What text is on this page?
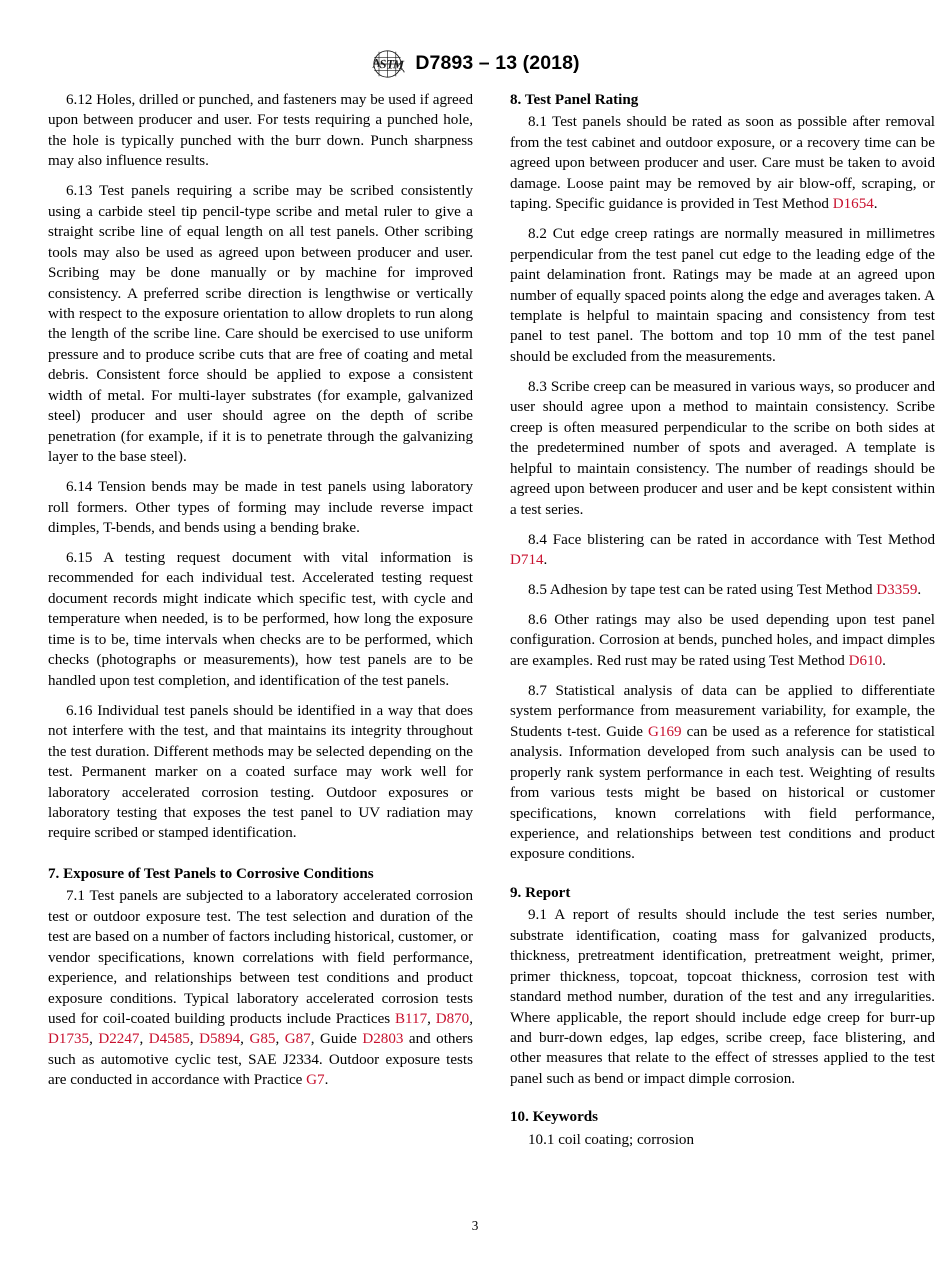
A
S T
M D7893 – 13 (2018)

6.12 Holes, drilled or punched, and fasteners may be used if agreed upon between producer and user. For tests requiring a punched hole, the hole is typically punched with the burr down. Punch sharpness may also influence results.

6.13 Test panels requiring a scribe may be scribed consistently using a carbide steel tip pencil-type scribe and metal ruler to give a straight scribe line of equal length on all test panels. Other scribing tools may also be used as agreed upon between producer and user. Scribing may be done manually or by machine for improved consistency. A preferred scribe direction is lengthwise or vertically with respect to the exposure orientation to allow droplets to run along the length of the scribe line. Care should be exercised to use uniform pressure and to produce scribe cuts that are free of coating and metal debris. Consistent force should be applied to expose a consistent width of metal. For multi-layer substrates (for example, galvanized steel) producer and user should agree on the depth of scribe penetration (for example, if it is to penetrate through the galvanizing layer to the base steel).

6.14 Tension bends may be made in test panels using laboratory roll formers. Other types of forming may include reverse impact dimples, T-bends, and bends using a bending brake.

6.15 A testing request document with vital information is recommended for each individual test. Accelerated testing request document records might indicate which specific test, with cycle and temperature when needed, is to be performed, how long the exposure time is to be, time intervals when checks are to be performed, which checks (photographs or measurements), how test panels are to be handled upon test completion, and identification of the test panels.

6.16 Individual test panels should be identified in a way that does not interfere with the test, and that maintains its integrity throughout the test duration. Different methods may be selected depending on the test. Permanent marker on a coated surface may work well for laboratory accelerated corrosion testing. Outdoor exposures or laboratory testing that exposes the test panel to UV radiation may require scribed or stamped identification.

7. Exposure of Test Panels to Corrosive Conditions

7.1 Test panels are subjected to a laboratory accelerated corrosion test or outdoor exposure test. The test selection and duration of the test are based on a number of factors including historical, customer, or vendor specifications, known correlations with field performance, experience, and relationships between test conditions and product exposure conditions. Typical laboratory accelerated corrosion tests used for coil-coated building products include Practices B117, D870, D1735, D2247, D4585, D5894, G85, G87, Guide D2803 and others such as automotive cyclic test, SAE J2334. Outdoor exposure tests are conducted in accordance with Practice G7.

8. Test Panel Rating

8.1 Test panels should be rated as soon as possible after removal from the test cabinet and outdoor exposure, or a recovery time can be agreed upon between producer and user. Care must be taken to avoid damage. Loose paint may be removed by air blow-off, scraping, or taping. Specific guidance is provided in Test Method D1654.

8.2 Cut edge creep ratings are normally measured in millimetres perpendicular from the test panel cut edge to the leading edge of the paint delamination front. Ratings may be made at an agreed upon number of equally spaced points along the edge and averages taken. A template is helpful to maintain spacing and consistency from test panel to test panel. The bottom and top 10 mm of the test panel should be excluded from the measurements.

8.3 Scribe creep can be measured in various ways, so producer and user should agree upon a method to maintain consistency. Scribe creep is often measured perpendicular to the scribe on both sides at the predetermined number of spots and averaged. A template is helpful to maintain consistency. The number of readings should be agreed upon between producer and user and be kept consistent within a test series.

8.4 Face blistering can be rated in accordance with Test Method D714.

8.5 Adhesion by tape test can be rated using Test Method D3359.

8.6 Other ratings may also be used depending upon test panel configuration. Corrosion at bends, punched holes, and impact dimples are examples. Red rust may be rated using Test Method D610.

8.7 Statistical analysis of data can be applied to differentiate system performance from measurement variability, for example, the Students t-test. Guide G169 can be used as a reference for statistical analysis. Information developed from such analysis can be used to properly rank system performance in each test. Weighting of results from various tests might be based on historical or customer specifications, known correlations with field performance, experience, and relationships between test conditions and product exposure conditions.

9. Report

9.1 A report of results should include the test series number, substrate identification, coating mass for galvanized products, thickness, pretreatment identification, pretreatment weight, primer, primer thickness, topcoat, topcoat thickness, corrosion test with standard method number, duration of the test and any irregularities. Where applicable, the report should include edge creep for burr-up and burr-down edges, lap edges, scribe creep, face blistering, and other measures that relate to the effect of stresses applied to the test panel such as bend or impact dimple corrosion.

10. Keywords

10.1 coil coating; corrosion

3
